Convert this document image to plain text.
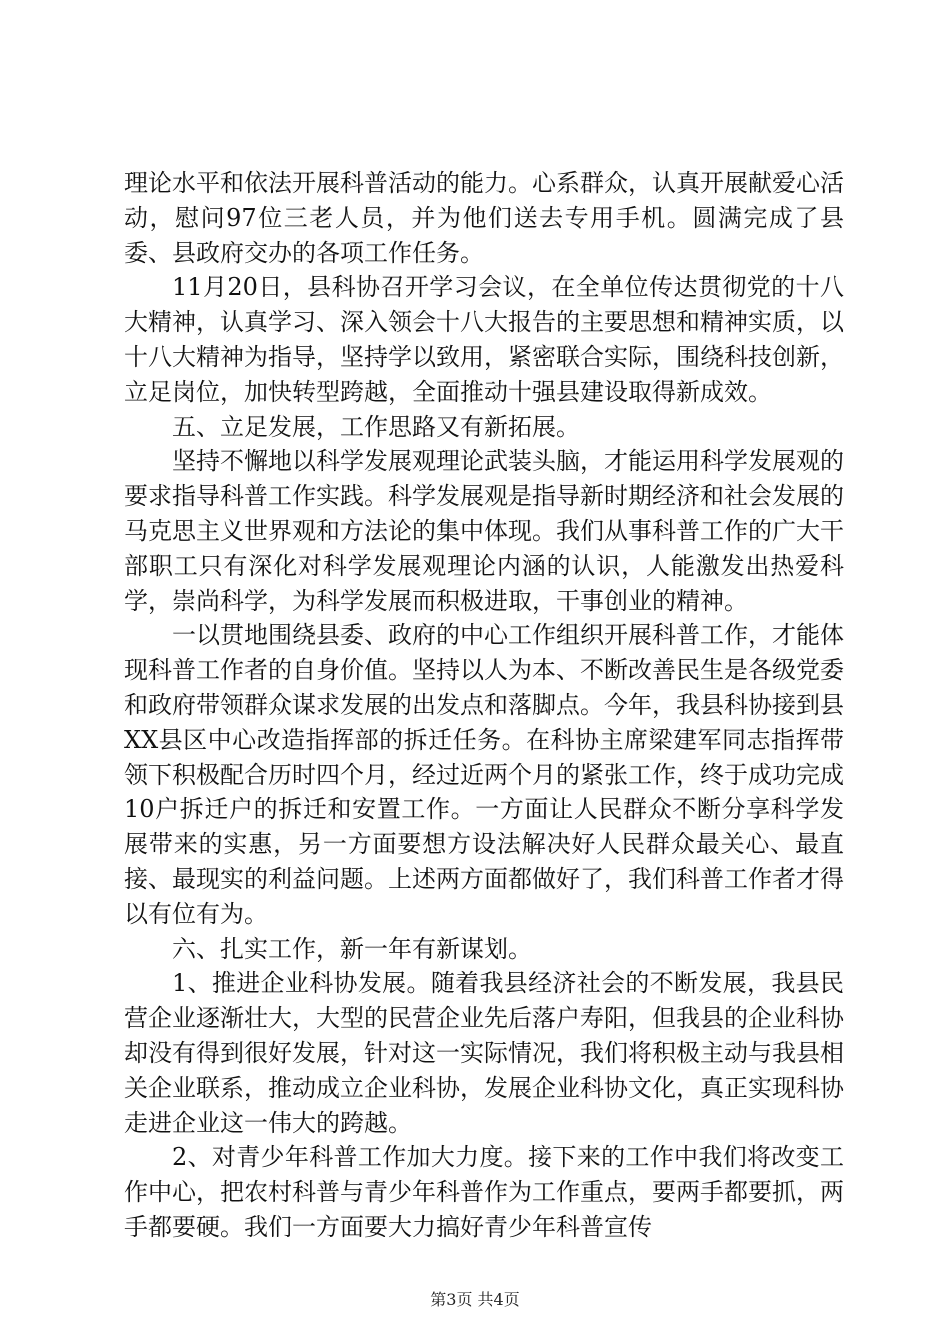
理论水平和依法开展科普活动的能力。心系群众，认真开展献爱心活动，慰问97位三老人员，并为他们送去专用手机。圆满完成了县委、县政府交办的各项工作任务。

11月20日，县科协召开学习会议，在全单位传达贯彻党的十八大精神，认真学习、深入领会十八大报告的主要思想和精神实质，以十八大精神为指导，坚持学以致用，紧密联合实际，围绕科技创新，立足岗位，加快转型跨越，全面推动十强县建设取得新成效。

五、立足发展，工作思路又有新拓展。

坚持不懈地以科学发展观理论武装头脑，才能运用科学发展观的要求指导科普工作实践。科学发展观是指导新时期经济和社会发展的马克思主义世界观和方法论的集中体现。我们从事科普工作的广大干部职工只有深化对科学发展观理论内涵的认识，人能激发出热爱科学，崇尚科学，为科学发展而积极进取，干事创业的精神。

一以贯地围绕县委、政府的中心工作组织开展科普工作，才能体现科普工作者的自身价值。坚持以人为本、不断改善民生是各级党委和政府带领群众谋求发展的出发点和落脚点。今年，我县科协接到县XX县区中心改造指挥部的拆迁任务。在科协主席梁建军同志指挥带领下积极配合历时四个月，经过近两个月的紧张工作，终于成功完成10户拆迁户的拆迁和安置工作。一方面让人民群众不断分享科学发展带来的实惠，另一方面要想方设法解决好人民群众最关心、最直接、最现实的利益问题。上述两方面都做好了，我们科普工作者才得以有位有为。

六、扎实工作，新一年有新谋划。

1、推进企业科协发展。随着我县经济社会的不断发展，我县民营企业逐渐壮大，大型的民营企业先后落户寿阳，但我县的企业科协却没有得到很好发展，针对这一实际情况，我们将积极主动与我县相关企业联系，推动成立企业科协，发展企业科协文化，真正实现科协走进企业这一伟大的跨越。

2、对青少年科普工作加大力度。接下来的工作中我们将改变工作中心，把农村科普与青少年科普作为工作重点，要两手都要抓，两手都要硬。我们一方面要大力搞好青少年科普宣传

第3页 共4页
